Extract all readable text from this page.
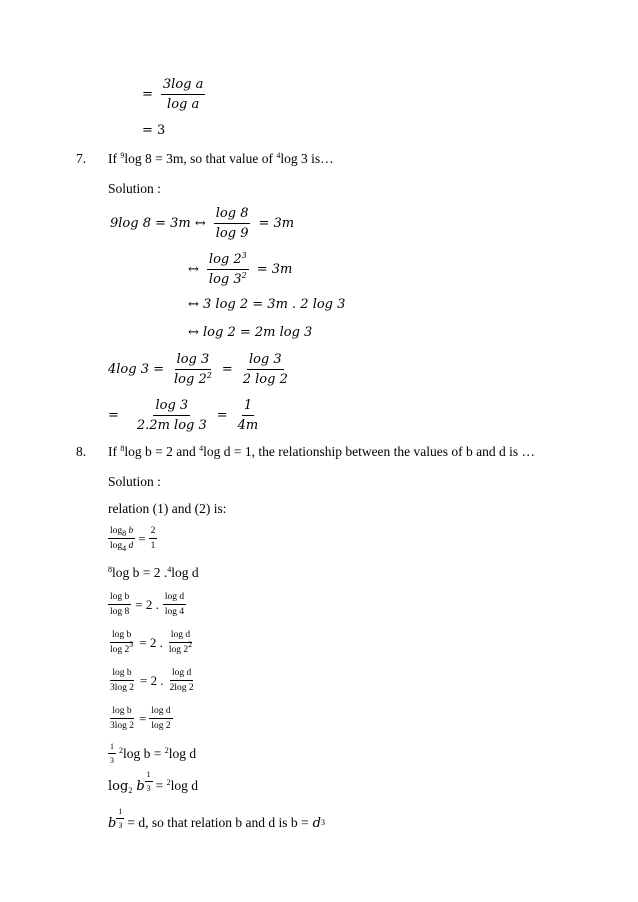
= $\frac{\text{3log a}}{\text{log a}}$
= 3
7. If $^9$log 8 = 3m, so that value of $^4$log 3 is…
Solution :
9log 8 = 3m ↔ $\frac{\log 8}{\log 9} = 3m$
↔ $\frac{\log 2^3}{\log 3^2} = 3m$
↔ 3 log 2 = 3m . 2 log 3
↔ log 2 = 2m log 3
4log $3 = \frac{\log 3}{\log 2^2} = \frac{\log 3}{2 \log 2}$
= $\frac{\log 3}{\text{2.2m log 3}} = \frac{1}{4m}$
8. If $^8$log b = 2 and $^4$log d = 1, the relationship between the values of b and d is …
Solution :
relation (1) and (2) is:
$\frac{\log_8 b}{\log_4 d} = \frac{2}{1}$
$^8$log b = 2 .$^4$log d
$\frac{\text{log b}}{\log 8} = 2$ . $\frac{\text{log d}}{\log 4}$
$\frac{\text{log b}}{\log 2^3} = 2$ . $\frac{\text{log d}}{\log 2^2}$
$\frac{\text{log b}}{3\log 2} = 2$ . $\frac{\text{log d}}{2\log 2}$
$\frac{\text{log b}}{3\log 2} = \frac{\text{log d}}{\log 2}$
$\frac{1}{3} ^2\log$ b = $^2$log d
$\log_2 b \frac{1}{3} = ^2\log$ d
b $\frac{1}{3} = d$, so that relation b and d is b = d 3
